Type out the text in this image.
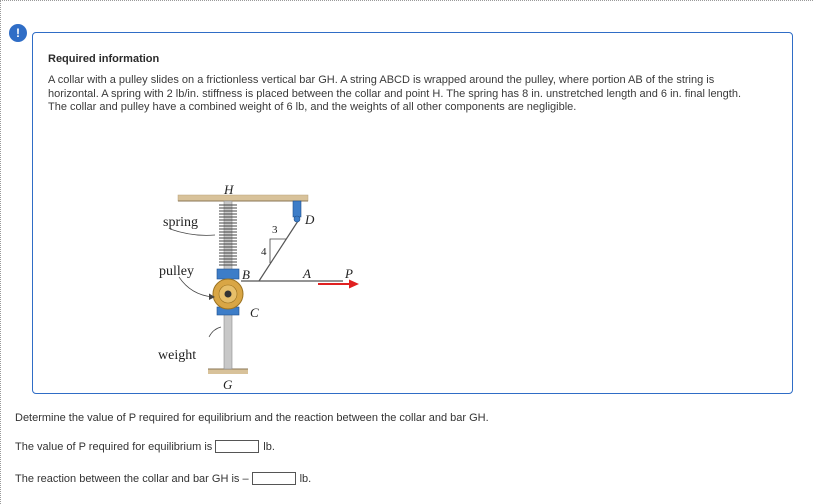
!

Required information

A collar with a pulley slides on a frictionless vertical bar GH. A string ABCD is wrapped around the pulley, where portion AB of the string is horizontal. A spring with 2 lb/in. stiffness is placed between the collar and point H. The spring has 8 in. unstretched length and 6 in. final length. The collar and pulley have a combined weight of 6 lb, and the weights of all other components are negligible.

H
spring
pulley
weight
G
B
C
A	P
D
3
4

Determine the value of P required for equilibrium and the reaction between the collar and bar GH.

The value of P required for equilibrium is	lb.
The reaction between the collar and bar GH is –	lb.
